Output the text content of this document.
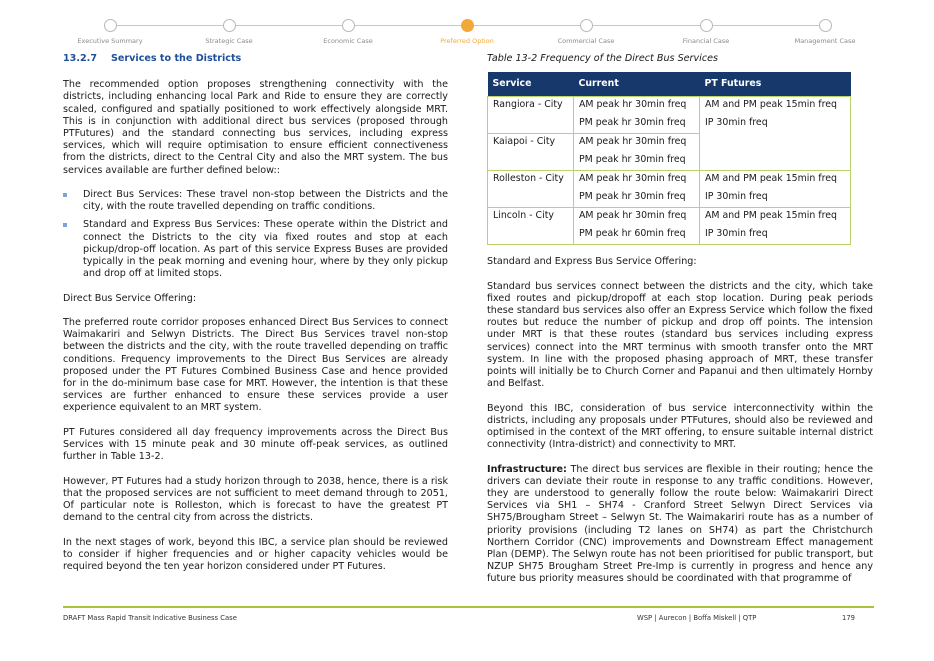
Executive Summary	Strategic Case	Economic Case	Preferred Option	Commercial Case	Financial Case	Management Case
13.2.7 Services to the Districts

The recommended option proposes strengthening connectivity with the districts, including enhancing local Park and Ride to ensure they are correctly scaled, configured and spatially positioned to work effectively alongside MRT. This is in conjunction with additional direct bus services (proposed through PTFutures) and the standard connecting bus services, including express services, which will require optimisation to ensure efficient connectiveness from the districts, direct to the Central City and also the MRT system. The bus services available are further defined below::

Direct Bus Services: These travel non-stop between the Districts and the city, with the route travelled depending on traffic conditions.
Standard and Express Bus Services: These operate within the District and connect the Districts to the city via fixed routes and stop at each pickup/drop-off location. As part of this service Express Buses are provided typically in the peak morning and evening hour, where by they only pickup and drop off at limited stops.

Direct Bus Service Offering:

The preferred route corridor proposes enhanced Direct Bus Services to connect Waimakariri and Selwyn Districts. The Direct Bus Services travel non-stop between the districts and the city, with the route travelled depending on traffic conditions. Frequency improvements to the Direct Bus Services are already proposed under the PT Futures Combined Business Case and hence provided for in the do-minimum base case for MRT. However, the intention is that these services are further enhanced to ensure these services provide a user experience equivalent to an MRT system.

PT Futures considered all day frequency improvements across the Direct Bus Services with 15 minute peak and 30 minute off-peak services, as outlined further in Table 13-2.

However, PT Futures had a study horizon through to 2038, hence, there is a risk that the proposed services are not sufficient to meet demand through to 2051, Of particular note is Rolleston, which is forecast to have the greatest PT demand to the central city from across the districts.

In the next stages of work, beyond this IBC, a service plan should be reviewed to consider if higher frequencies and or higher capacity vehicles would be required beyond the ten year horizon considered under PT Futures.

Table 13-2 Frequency of the Direct Bus Services
Service	Current	PT Futures
Rangiora - City	AM peak hr 30min freq	AM and PM peak 15min freq
	PM peak hr 30min freq	IP 30min freq
Kaiapoi - City	AM peak hr 30min freq	
	PM peak hr 30min freq	
Rolleston - City	AM peak hr 30min freq	AM and PM peak 15min freq
	PM peak hr 30min freq	IP 30min freq
Lincoln - City	AM peak hr 30min freq	AM and PM peak 15min freq
	PM peak hr 60min freq	IP 30min freq

Standard and Express Bus Service Offering:

Standard bus services connect between the districts and the city, which take fixed routes and pickup/dropoff at each stop location. During peak periods these standard bus services also offer an Express Service which follow the fixed routes but reduce the number of pickup and drop off points. The intension under MRT is that these routes (standard bus services including express services) connect into the MRT terminus with smooth transfer onto the MRT system. In line with the proposed phasing approach of MRT, these transfer points will initially be to Church Corner and Papanui and then ultimately Hornby and Belfast.

Beyond this IBC, consideration of bus service interconnectivity within the districts, including any proposals under PTFutures, should also be reviewed and optimised in the context of the MRT offering, to ensure suitable internal district connectivity (Intra-district) and connectivity to MRT.

Infrastructure: The direct bus services are flexible in their routing; hence the drivers can deviate their route in response to any traffic conditions. However, they are understood to generally follow the route below: Waimakariri Direct Services via SH1 – SH74 - Cranford Street Selwyn Direct Services via SH75/Brougham Street – Selwyn St. The Waimakariri route has as a number of priority provisions (including T2 lanes on SH74) as part the Christchurch Northern Corridor (CNC) improvements and Downstream Effect management Plan (DEMP). The Selwyn route has not been prioritised for public transport, but NZUP SH75 Brougham Street Pre-Imp is currently in progress and hence any future bus priority measures should be coordinated with that programme of

DRAFT Mass Rapid Transit Indicative Business Case	WSP | Aurecon | Boffa Miskell | QTP	179
